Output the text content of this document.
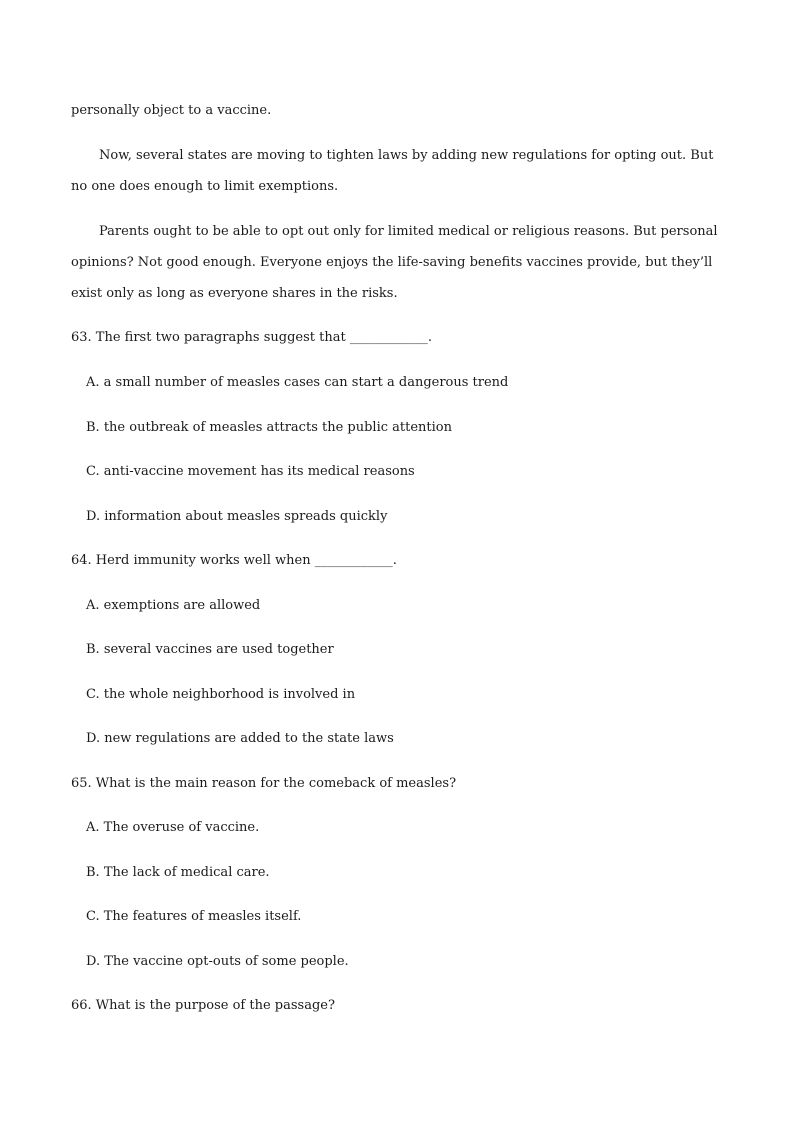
personally object to a vaccine.
Now, several states are moving to tighten laws by adding new regulations for opting out. But
no one does enough to limit exemptions.
Parents ought to be able to opt out only for limited medical or religious reasons. But personal
opinions? Not good enough. Everyone enjoys the life-saving benefits vaccines provide, but they’ll
exist only as long as everyone shares in the risks.
63. The first two paragraphs suggest that ____________.
A. a small number of measles cases can start a dangerous trend
B. the outbreak of measles attracts the public attention
C. anti-vaccine movement has its medical reasons
D. information about measles spreads quickly
64. Herd immunity works well when ____________.
A. exemptions are allowed
B. several vaccines are used together
C. the whole neighborhood is involved in
D. new regulations are added to the state laws
65. What is the main reason for the comeback of measles?
A. The overuse of vaccine.
B. The lack of medical care.
C. The features of measles itself.
D. The vaccine opt-outs of some people.
66. What is the purpose of the passage?
